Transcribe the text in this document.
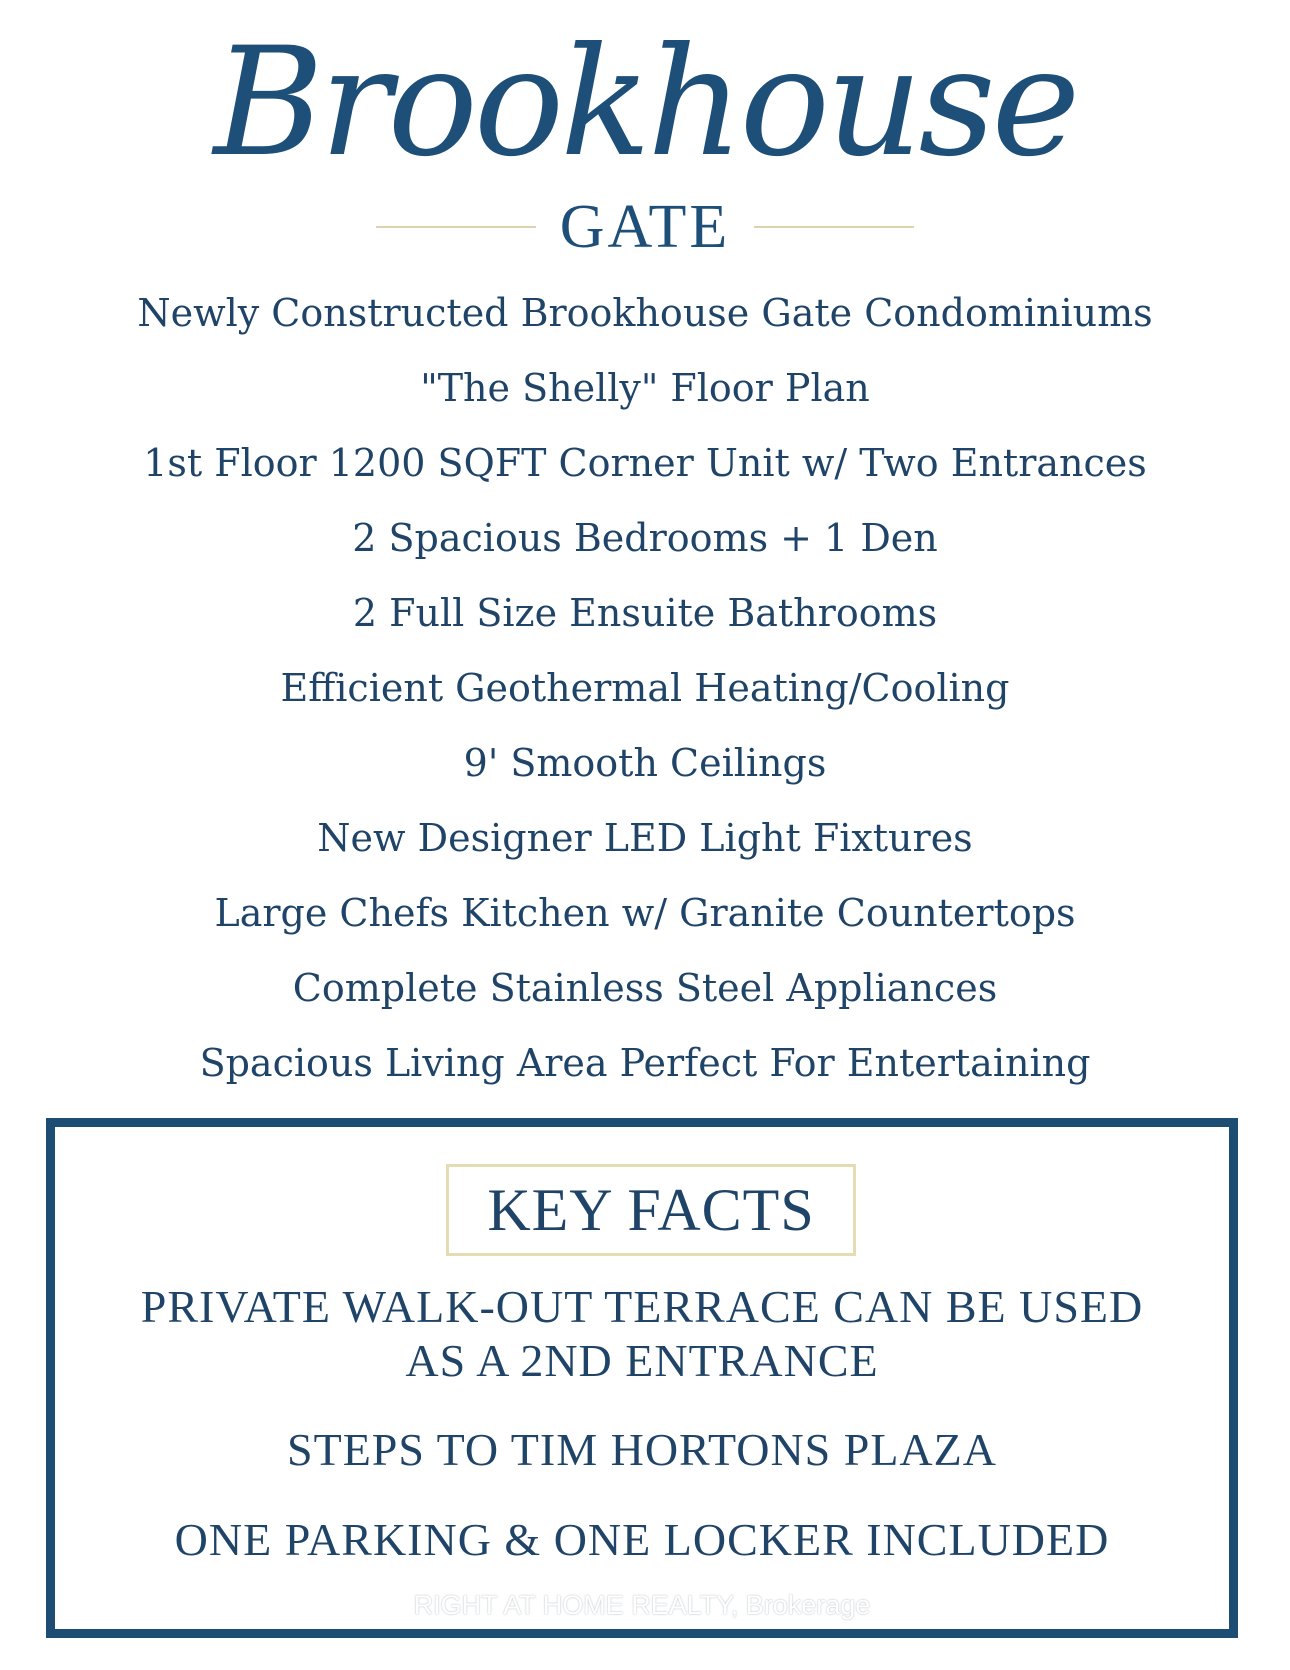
Brookhouse
GATE
Newly Constructed Brookhouse Gate Condominiums
"The Shelly" Floor Plan
1st Floor 1200 SQFT Corner Unit w/ Two Entrances
2 Spacious Bedrooms + 1 Den
2 Full Size Ensuite Bathrooms
Efficient Geothermal Heating/Cooling
9' Smooth Ceilings
New Designer LED Light Fixtures
Large Chefs Kitchen w/ Granite Countertops
Complete Stainless Steel Appliances
Spacious Living Area Perfect For Entertaining
KEY FACTS
PRIVATE WALK-OUT TERRACE CAN BE USED AS A 2ND ENTRANCE
STEPS TO TIM HORTONS PLAZA
ONE PARKING & ONE LOCKER INCLUDED
RIGHT AT HOME REALTY, Brokerage
